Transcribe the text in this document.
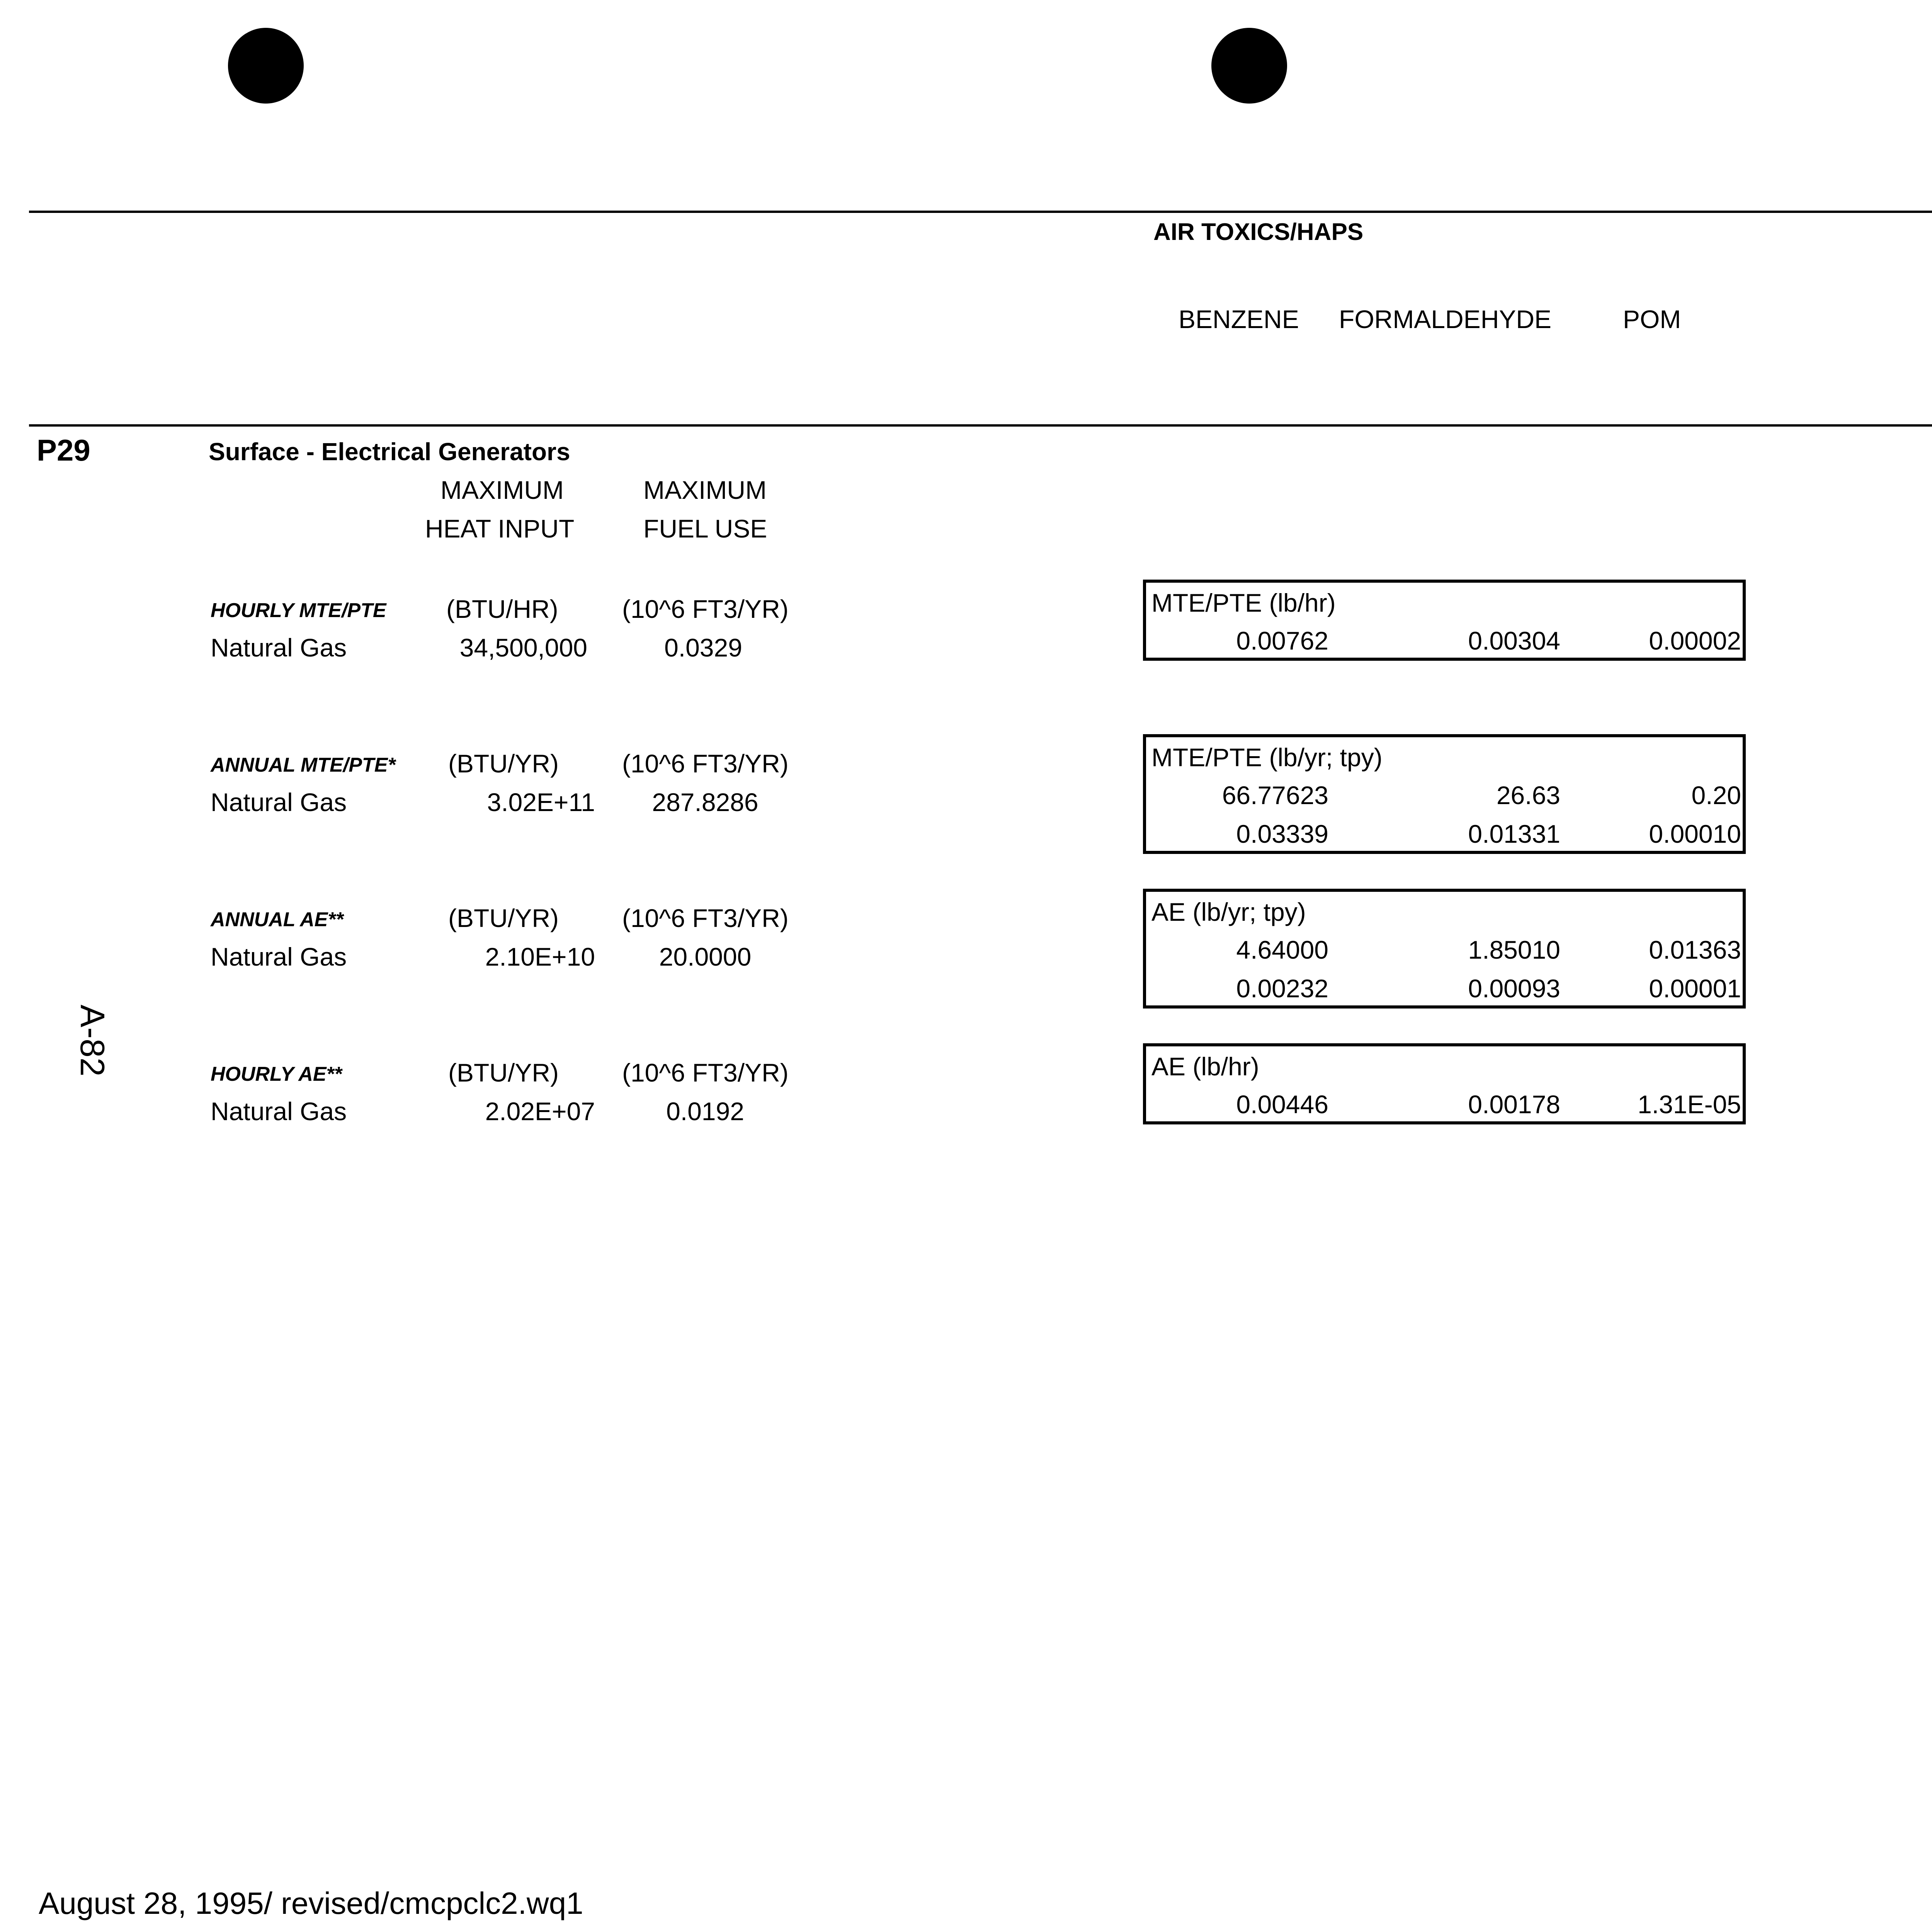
AIR TOXICS/HAPS
BENZENE FORMALDEHYDE	POM
P29	Surface - Electrical Generators
MAXIMUM
HEAT INPUT
MAXIMUM
FUEL USE
HOURLY MTE/PTE (BTU/HR)	(10^6 FT3/YR)
Natural Gas	34,500,000	0.0329
MTE/PTE (lb/hr)
0.00762	0.00304	0.00002
ANNUAL MTE/PTE* (BTU/YR) (10^6 FT3/YR)
Natural Gas	3.02E+11	287.8286
MTE/PTE (lb/yr; tpy)
66.77623	26.63	0.20
0.03339	0.01331	0.00010
ANNUAL AE**	(BTU/YR) (10^6 FT3/YR)
Natural Gas	2.10E+10	20.0000
AE (lb/yr; tpy)
4.64000	1.85010	0.01363
0.00232	0.00093	0.00001
HOURLY AE**	(BTU/YR) (10^6 FT3/YR)
Natural Gas	2.02E+07	0.0192
AE (lb/hr)
0.00446	0.00178	1.31E-05
A-82
August 28, 1995/ revised/cmcpclc2.wq1
